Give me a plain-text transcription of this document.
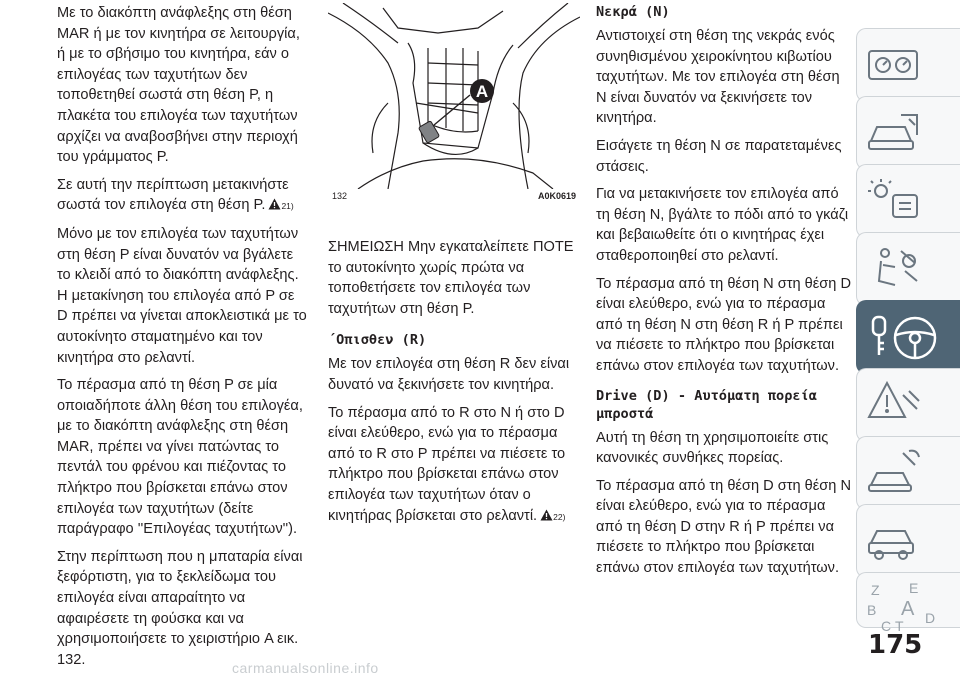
Με το διακόπτη ανάφλεξης στη θέση MAR ή με τον κινητήρα σε λειτουργία, ή με το σβήσιμο του κινητήρα, εάν ο επιλογέας των ταχυτήτων δεν τοποθετηθεί σωστά στη θέση P, η πλακέτα του επιλογέα των ταχυτήτων αρχίζει να αναβοσβήνει στην περιοχή του γράμματος P.

Σε αυτή την περίπτωση μετακινήστε σωστά τον επιλογέα στη θέση P. 21)

Μόνο με τον επιλογέα των ταχυτήτων στη θέση P είναι δυνατόν να βγάλετε το κλειδί από το διακόπτη ανάφλεξης. Η μετακίνηση του επιλογέα από P σε D πρέπει να γίνεται αποκλειστικά με το αυτοκίνητο σταματημένο και τον κινητήρα στο ρελαντί.

Το πέρασμα από τη θέση P σε μία οποιαδήποτε άλλη θέση του επιλογέα, με το διακόπτη ανάφλεξης στη θέση MAR, πρέπει να γίνει πατώντας το πεντάλ του φρένου και πιέζοντας το πλήκτρο που βρίσκεται επάνω στον επιλογέα των ταχυτήτων (δείτε παράγραφο ''Επιλογέας ταχυτήτων'').

Στην περίπτωση που η μπαταρία είναι ξεφόρτιστη, για το ξεκλείδωμα του επιλογέα είναι απαραίτητο να αφαιρέσετε τη φούσκα και να χρησιμοποιήσετε το χειριστήριο A εικ. 132.

A
132	A0K0619

ΣΗΜΕΙΩΣΗ Μην εγκαταλείπετε ΠΟΤΕ το αυτοκίνητο χωρίς πρώτα να τοποθετήσετε τον επιλογέα των ταχυτήτων στη θέση P.

΄Οπισθεν (R)

Με τον επιλογέα στη θέση R δεν είναι δυνατό να ξεκινήσετε τον κινητήρα.

Το πέρασμα από το R στο N ή στο D είναι ελεύθερο, ενώ για το πέρασμα από το R στο P πρέπει να πιέσετε το πλήκτρο που βρίσκεται επάνω στον επιλογέα των ταχυτήτων όταν ο κινητήρας βρίσκεται στο ρελαντί. 22)

Νεκρά (N)

Αντιστοιχεί στη θέση της νεκράς ενός συνηθισμένου χειροκίνητου κιβωτίου ταχυτήτων. Με τον επιλογέα στη θέση N είναι δυνατόν να ξεκινήσετε τον κινητήρα.

Εισάγετε τη θέση N σε παρατεταμένες στάσεις.

Για να μετακινήσετε τον επιλογέα από τη θέση N, βγάλτε το πόδι από το γκάζι και βεβαιωθείτε ότι ο κινητήρας έχει σταθεροποιηθεί στο ρελαντί.

Το πέρασμα από τη θέση N στη θέση D είναι ελεύθερο, ενώ για το πέρασμα από τη θέση N στη θέση R ή P πρέπει να πιέσετε το πλήκτρο που βρίσκεται επάνω στον επιλογέα των ταχυτήτων.

Drive (D) - Αυτόματη πορεία μπροστά

Αυτή τη θέση τη χρησιμοποιείτε στις κανονικές συνθήκες πορείας.

Το πέρασμα από τη θέση D στη θέση N είναι ελεύθερο, ενώ για το πέρασμα από τη θέση D στην R ή P πρέπει να πιέσετε το πλήκτρο που βρίσκεται επάνω στον επιλογέα των ταχυτήτων.

Z E
B A
C T D
175
carmanualsonline.info
